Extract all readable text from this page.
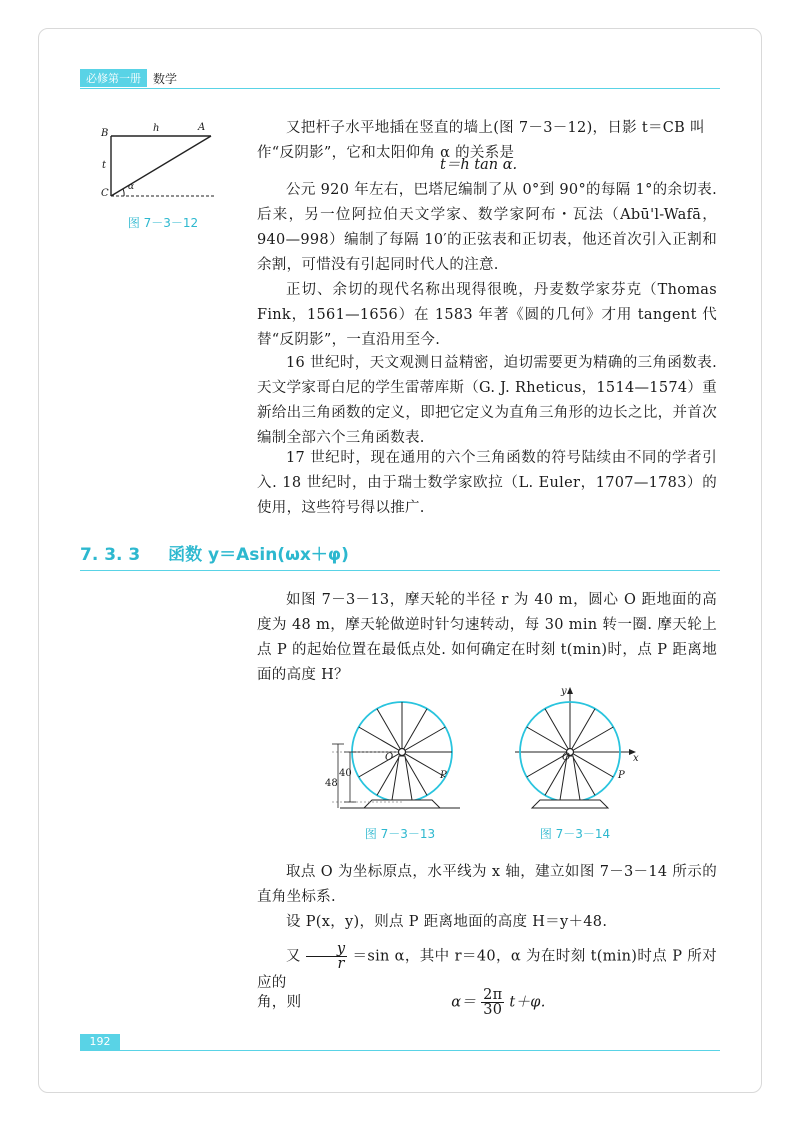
必修第一册	数学
B
A
h
t
C
α
图 7－3－12

又把杆子水平地插在竖直的墙上(图 7－3－12)，日影 t＝CB 叫

作“反阴影”，它和太阳仰角 α 的关系是

t＝h tan α.

公元 920 年左右，巴塔尼编制了从 0°到 90°的每隔 1°的余切表. 后来，另一位阿拉伯天文学家、数学家阿布・瓦法（Abū'l-Wafā，940—998）编制了每隔 10′的正弦表和正切表，他还首次引入正割和余割，可惜没有引起同时代人的注意.

正切、余切的现代名称出现得很晚，丹麦数学家芬克（Thomas Fink，1561—1656）在 1583 年著《圆的几何》才用 tangent 代替“反阴影”，一直沿用至今.

16 世纪时，天文观测日益精密，迫切需要更为精确的三角函数表. 天文学家哥白尼的学生雷蒂库斯（G. J. Rheticus，1514—1574）重新给出三角函数的定义，即把它定义为直角三角形的边长之比，并首次编制全部六个三角函数表.

17 世纪时，现在通用的六个三角函数的符号陆续由不同的学者引入. 18 世纪时，由于瑞士数学家欧拉（L. Euler，1707—1783）的使用，这些符号得以推广.

7. 3. 3 函数 y＝Asin(ωx＋φ)

如图 7－3－13，摩天轮的半径 r 为 40 m，圆心 O 距地面的高度为 48 m，摩天轮做逆时针匀速转动，每 30 min 转一圈. 摩天轮上点 P 的起始位置在最低点处. 如何确定在时刻 t(min)时，点 P 距离地面的高度 H？

40
48
O
P
图 7－3－13
y
x
O
P
图 7－3－14

取点 O 为坐标原点，水平线为 x 轴，建立如图 7－3－14 所示的直角坐标系.

设 P(x，y)，则点 P 距离地面的高度 H＝y＋48.

又 $\frac{y}{r} =\sin$ α，其中 r＝40，α 为在时刻 t(min)时点 P 所对应的

角，则	$\alpha= \frac{2\pi}{30} t+\varphi$.

192
